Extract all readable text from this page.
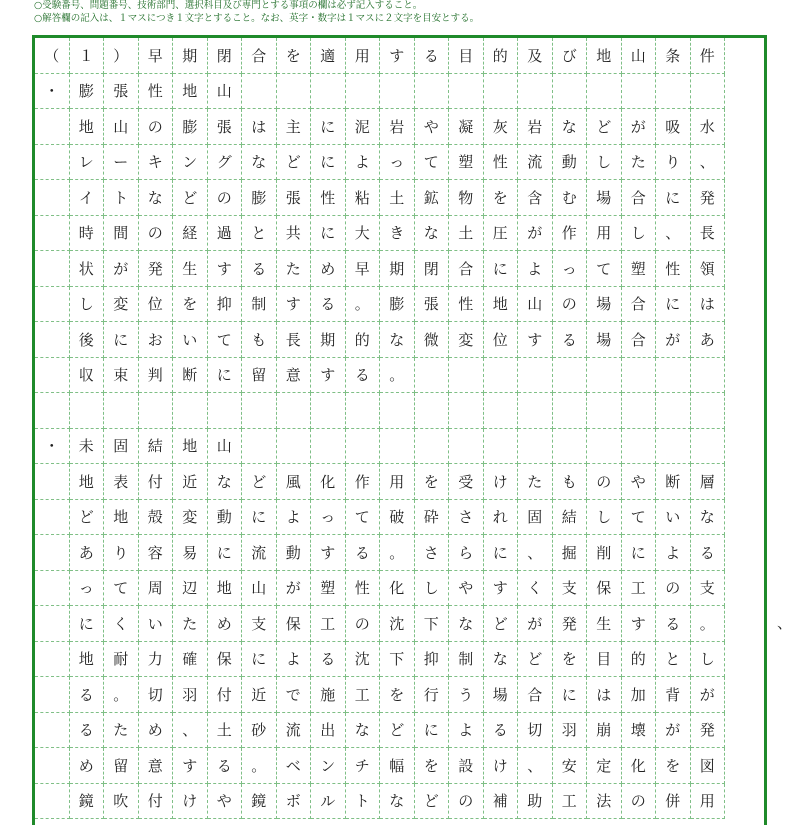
○受験番号、問題番号、技術部門、選択科目及び専門とする事項の欄は必ず記入すること。
○解答欄の記入は、１マスにつき１文字とすること。なお、英字・数字は１マスに２文字を目安とする。
（	１	）	早	期	閉	合	を	適	用	す	る	目	的	及	び	地	山	条	件
・	膨	張	性	地	山
地	山	の	膨	張	は	主	に	泥	岩	や	凝	灰	岩	な	ど	が	吸	水
レ	ー	キ	ン	グ	な	ど	に	よ	っ	て	塑	性	流	動	し	た	り	、
イ	ト	な	ど	の	膨	張	性	粘	土	鉱	物	を	含	む	場	合	に	発
時	間	の	経	過	と	共	に	大	き	な	土	圧	が	作	用	し	、	長
状	が	発	生	す	る	た	め	早	期	閉	合	に	よ	っ	て	塑	性	領
し	変	位	を	抑	制	す	る	。	膨	張	性	地	山	の	場	合	に	は
後	に	お	い	て	も	長	期	的	な	微	変	位	す	る	場	合	が	あ
収	束	判	断	に	留	意	す	る	。
・	未	固	結	地	山
地	表	付	近	な	ど	風	化	作	用	を	受	け	た	も	の	や	断	層
ど	地	殻	変	動	に	よ	っ	て	破	砕	さ	れ	固	結	し	て	い	な
あ	り	容	易	に	流	動	す	る	。	さ	ら	に	、	掘	削	に	よ	る
っ	て	周	辺	地	山	が	塑	性	化	し	や	す	く	支	保	工	の	支
に	く	い	た	め	支	保	工	の	沈	下	な	ど	が	発	生	す	る	。
地	耐	力	確	保	に	よ	る	沈	下	抑	制	な	ど	を	目	的	と	し
る	。	切	羽	付	近	で	施	工	を	行	う	場	合	に	は	加	背	が
る	た	め	、	土	砂	流	出	な	ど	に	よ	る	切	羽	崩	壊	が	発
め	留	意	す	る	。	ベ	ン	チ	幅	を	設	け	、	安	定	化	を	図
鏡	吹	付	け	や	鏡	ボ	ル	ト	な	ど	の	補	助	工	法	の	併	用
、
